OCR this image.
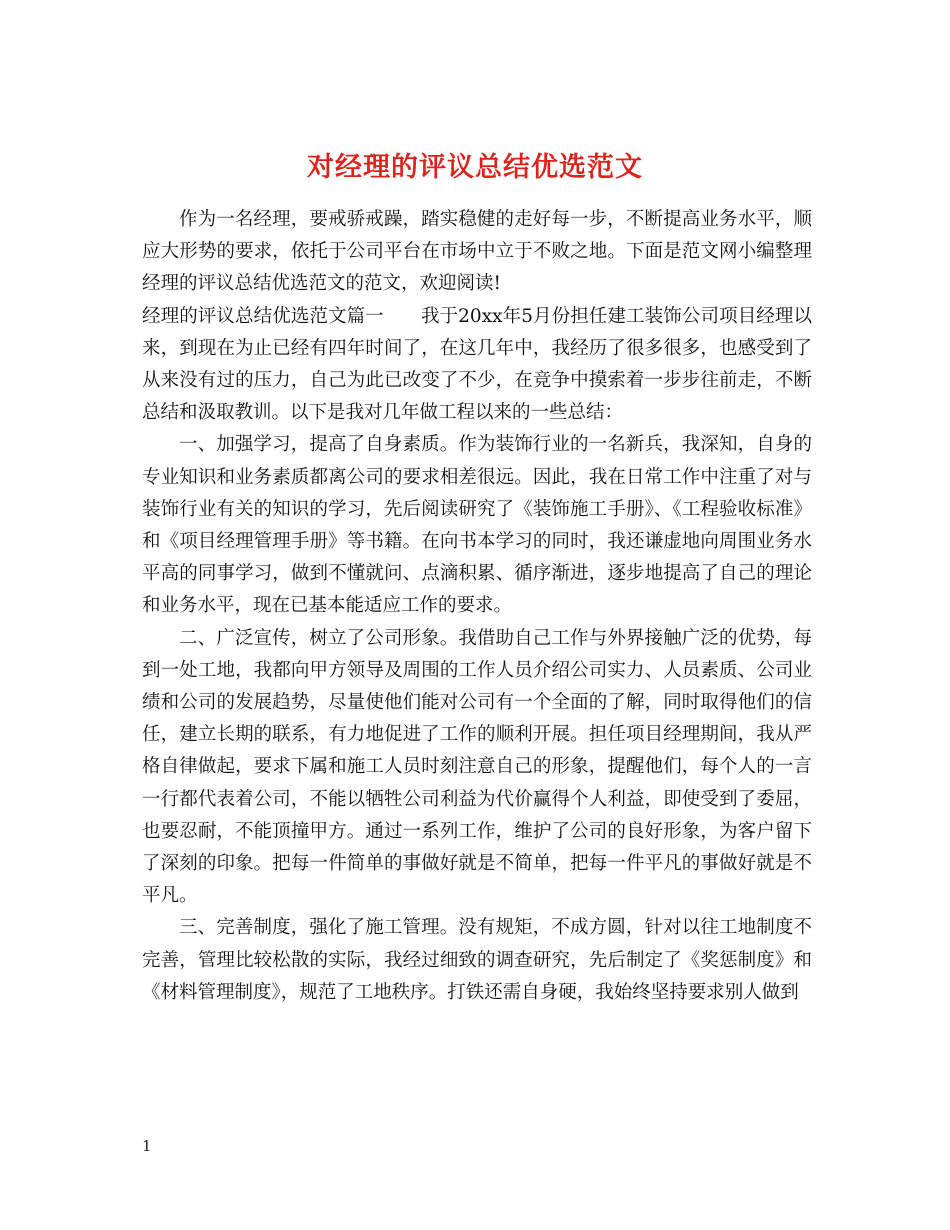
对经理的评议总结优选范文

作为一名经理，要戒骄戒躁，踏实稳健的走好每一步，不断提高业务水平，顺应大形势的要求，依托于公司平台在市场中立于不败之地。下面是范文网小编整理经理的评议总结优选范文的范文，欢迎阅读!

经理的评议总结优选范文篇一　　我于20xx年5月份担任建工装饰公司项目经理以来，到现在为止已经有四年时间了，在这几年中，我经历了很多很多，也感受到了从来没有过的压力，自己为此已改变了不少，在竞争中摸索着一步步往前走，不断总结和汲取教训。以下是我对几年做工程以来的一些总结：

一、加强学习，提高了自身素质。作为装饰行业的一名新兵，我深知，自身的专业知识和业务素质都离公司的要求相差很远。因此，我在日常工作中注重了对与装饰行业有关的知识的学习，先后阅读研究了《装饰施工手册》、《工程验收标准》和《项目经理管理手册》等书籍。在向书本学习的同时，我还谦虚地向周围业务水平高的同事学习，做到不懂就问、点滴积累、循序渐进，逐步地提高了自己的理论和业务水平，现在已基本能适应工作的要求。

二、广泛宣传，树立了公司形象。我借助自己工作与外界接触广泛的优势，每到一处工地，我都向甲方领导及周围的工作人员介绍公司实力、人员素质、公司业绩和公司的发展趋势，尽量使他们能对公司有一个全面的了解，同时取得他们的信任，建立长期的联系，有力地促进了工作的顺利开展。担任项目经理期间，我从严格自律做起，要求下属和施工人员时刻注意自己的形象，提醒他们，每个人的一言一行都代表着公司，不能以牺牲公司利益为代价赢得个人利益，即使受到了委屈，也要忍耐，不能顶撞甲方。通过一系列工作，维护了公司的良好形象，为客户留下了深刻的印象。把每一件简单的事做好就是不简单，把每一件平凡的事做好就是不平凡。

三、完善制度，强化了施工管理。没有规矩，不成方圆，针对以往工地制度不完善，管理比较松散的实际，我经过细致的调查研究，先后制定了《奖惩制度》和《材料管理制度》，规范了工地秩序。打铁还需自身硬，我始终坚持要求别人做到

1
